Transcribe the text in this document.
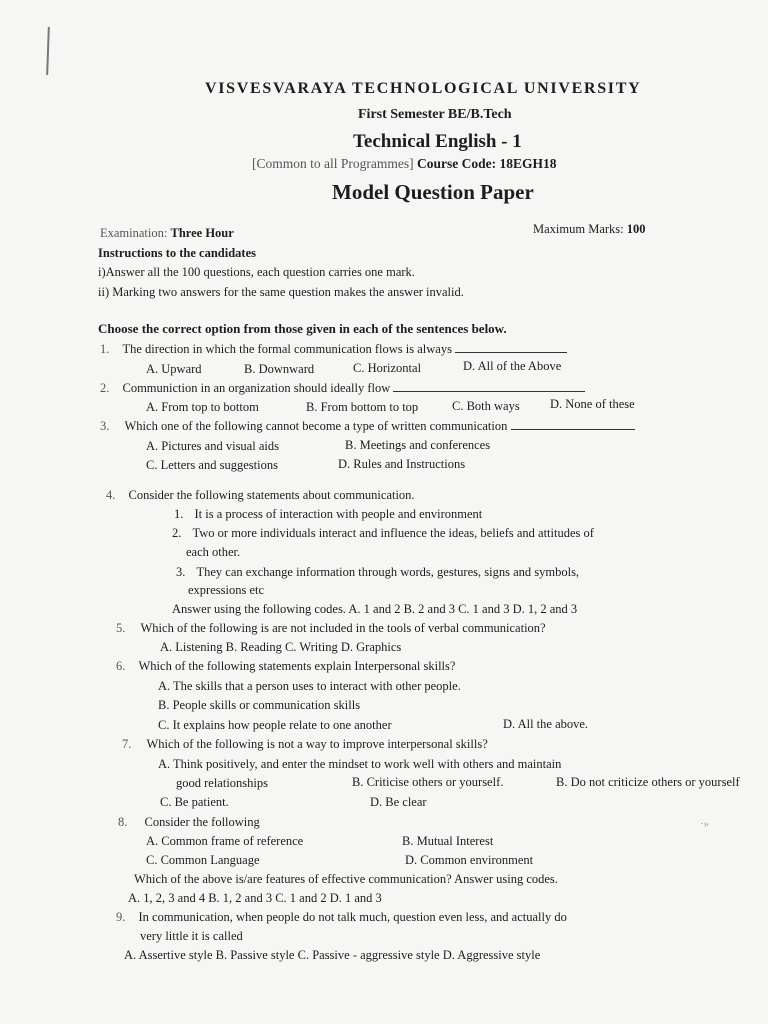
VISVESVARAYA TECHNOLOGICAL UNIVERSITY
First Semester BE/B.Tech
Technical English - 1
[Common to all Programmes] Course Code: 18EGH18
Model Question Paper
Examination: Three Hour	Maximum Marks: 100
Instructions to the candidates
i)Answer all the 100 questions, each question carries one mark.
ii) Marking two answers for the same question makes the answer invalid.
Choose the correct option from those given in each of the sentences below.
1. The direction in which the formal communication flows is always
A. Upward	B. Downward	C. Horizontal	D. All of the Above
2. Communiction in an organization should ideally flow
A. From top to bottom	B. From bottom to top	C. Both ways D. None of these
3. Which one of the following cannot become a type of written communication
A. Pictures and visual aids	B. Meetings and conferences
C. Letters and suggestions	D. Rules and Instructions
4. Consider the following statements about communication.
1. It is a process of interaction with people and environment
2. Two or more individuals interact and influence the ideas, beliefs and attitudes of
each other.
3. They can exchange information through words, gestures, signs and symbols,
expressions etc
Answer using the following codes. A. 1 and 2 B. 2 and 3 C. 1 and 3 D. 1, 2 and 3
5. Which of the following is are not included in the tools of verbal communication?
A. Listening B. Reading C. Writing D. Graphics
6. Which of the following statements explain Interpersonal skills?
A. The skills that a person uses to interact with other people.
B. People skills or communication skills
C. It explains how people relate to one another	D. All the above.
7. Which of the following is not a way to improve interpersonal skills?
A. Think positively, and enter the mindset to work well with others and maintain
good relationships	B. Criticise others or yourself.	B. Do not criticize others or yourself
C. Be patient.	D. Be clear
8. Consider the following	·»
A. Common frame of reference	B. Mutual Interest
C. Common Language	D. Common environment
Which of the above is/are features of effective communication? Answer using codes.
A. 1, 2, 3 and 4 B. 1, 2 and 3 C. 1 and 2 D. 1 and 3
9. In communication, when people do not talk much, question even less, and actually do
very little it is called
A. Assertive style B. Passive style C. Passive - aggressive style D. Aggressive style
